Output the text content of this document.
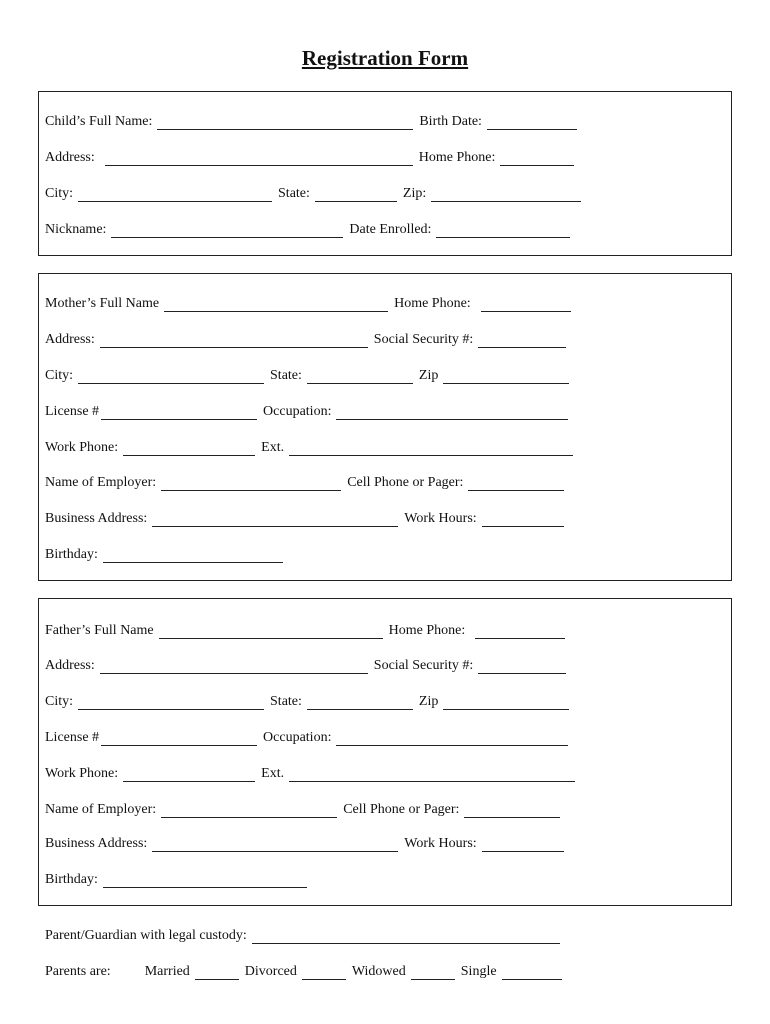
Registration Form
Child’s Full Name:	Birth Date:
Address:	Home Phone:
City:	State:	Zip:
Nickname:	Date Enrolled:
Mother’s Full Name	Home Phone:
Address:	Social Security #:
City:	State:	Zip
License #	Occupation:
Work Phone:	Ext.
Name of Employer:	Cell Phone or Pager:
Business Address:	Work Hours:
Birthday:
Father’s Full Name	Home Phone:
Address:	Social Security #:
City:	State:	Zip
License #	Occupation:
Work Phone:	Ext.
Name of Employer:	Cell Phone or Pager:
Business Address:	Work Hours:
Birthday:
Parent/Guardian with legal custody:
Parents are: Married	Divorced	Widowed	Single
